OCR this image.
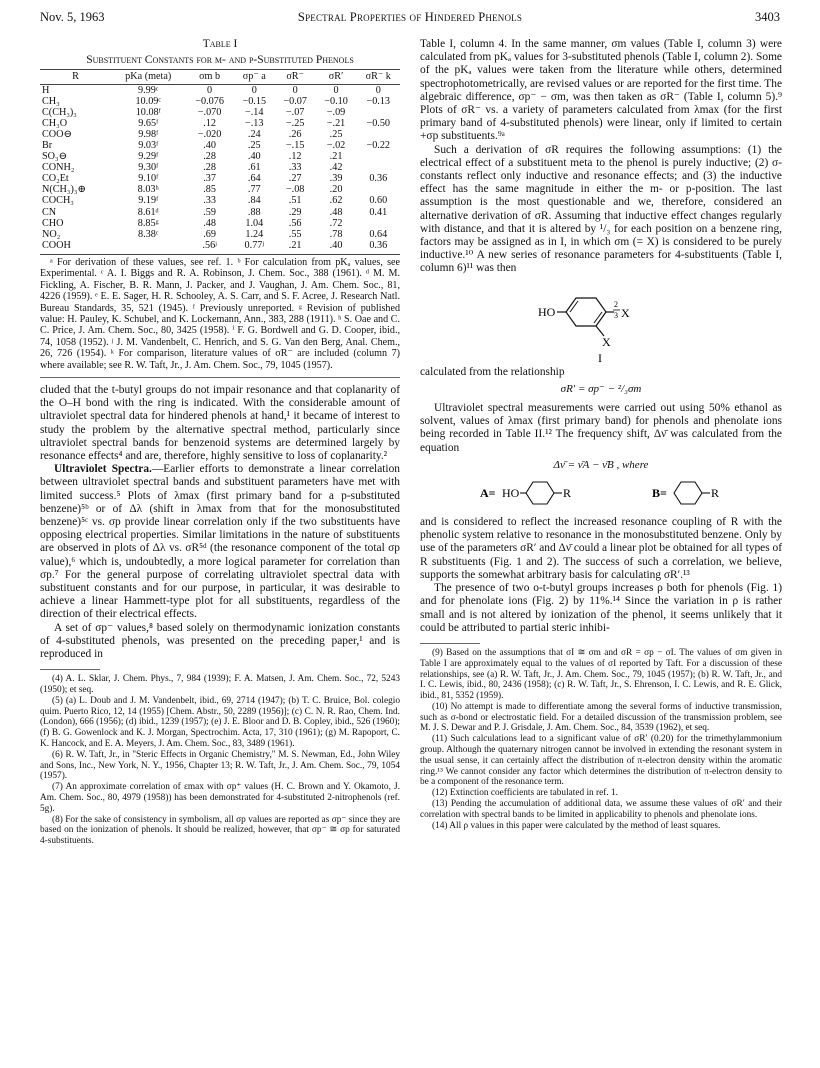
Nov. 5, 1963	Spectral Properties of Hindered Phenols	3403
Table I
Substituent Constants for m- and p-Substituted Phenols

R	pKa (meta)	σm b	σp⁻ a	σR⁻	σR′	σR⁻ k

H	9.99ᶜ	0	0	0	0	0
CH₃	10.09ᶜ	−0.076	−0.15	−0.07	−0.10	−0.13
C(CH₃)₃	10.08ᶠ	−.070	−.14	−.07	−.09	
CH₃O	9.65ᶠ	.12	−.13	−.25	−.21	−0.50
COO⊖	9.98ᶠ	−.020	.24	.26	.25	
Br	9.03ᶠ	.40	.25	−.15	−.02	−0.22
SO₃⊖	9.29ᶠ	.28	.40	.12	.21	
CONH₂	9.30ᶠ	.28	.61	.33	.42	
CO₂Et	9.10ᶠ	.37	.64	.27	.39	0.36
N(CH₃)₃⊕	8.03ʰ	.85	.77	−.08	.20	
COCH₃	9.19ᶠ	.33	.84	.51	.62	0.60
CN	8.61ᵈ	.59	.88	.29	.48	0.41
CHO	8.85ᵍ	.48	1.04	.56	.72	
NO₂	8.38ᶜ	.69	1.24	.55	.78	0.64
COOH		.56ʲ	0.77ʲ	.21	.40	0.36
ᵃ For derivation of these values, see ref. 1. ᵇ For calculation from pKₐ values, see Experimental. ᶜ A. I. Biggs and R. A. Robinson, J. Chem. Soc., 388 (1961). ᵈ M. M. Fickling, A. Fischer, B. R. Mann, J. Packer, and J. Vaughan, J. Am. Chem. Soc., 81, 4226 (1959). ᵉ E. E. Sager, H. R. Schooley, A. S. Carr, and S. F. Acree, J. Research Natl. Bureau Standards, 35, 521 (1945). ᶠ Previously unreported. ᵍ Revision of published value: H. Pauley, K. Schubel, and K. Lockemann, Ann., 383, 288 (1911). ʰ S. Oae and C. C. Price, J. Am. Chem. Soc., 80, 3425 (1958). ⁱ F. G. Bordwell and G. D. Cooper, ibid., 74, 1058 (1952). ʲ J. M. Vandenbelt, C. Henrich, and S. G. Van den Berg, Anal. Chem., 26, 726 (1954). ᵏ For comparison, literature values of σR⁻ are included (column 7) where available; see R. W. Taft, Jr., J. Am. Chem. Soc., 79, 1045 (1957).

cluded that the t-butyl groups do not impair resonance and that coplanarity of the O–H bond with the ring is indicated. With the considerable amount of ultraviolet spectral data for hindered phenols at hand,¹ it became of interest to study the problem by the alternative spectral method, particularly since ultraviolet spectral bands for benzenoid systems are determined largely by resonance effects⁴ and are, therefore, highly sensitive to loss of coplanarity.²

Ultraviolet Spectra.—Earlier efforts to demonstrate a linear correlation between ultraviolet spectral bands and substituent parameters have met with limited success.⁵ Plots of λmax (first primary band for a p-substituted benzene)⁵ᵇ or of Δλ (shift in λmax from that for the monosubstituted benzene)⁵ᶜ vs. σp provide linear correlation only if the two substituents have opposing electrical properties. Similar limitations in the nature of substituents are observed in plots of Δλ vs. σR⁵ᵈ (the resonance component of the total σp value),⁶ which is, undoubtedly, a more logical parameter for correlation than σp.⁷ For the general purpose of correlating ultraviolet spectral data with substituent constants and for our purpose, in particular, it was desirable to achieve a linear Hammett-type plot for all substituents, regardless of the direction of their electrical effects.

A set of σp⁻ values,⁸ based solely on thermodynamic ionization constants of 4-substituted phenols, was presented on the preceding paper,¹ and is reproduced in

(4) A. L. Sklar, J. Chem. Phys., 7, 984 (1939); F. A. Matsen, J. Am. Chem. Soc., 72, 5243 (1950); et seq.

(5) (a) L. Doub and J. M. Vandenbelt, ibid., 69, 2714 (1947); (b) T. C. Bruice, Bol. colegio quim. Puerto Rico, 12, 14 (1955) [Chem. Abstr., 50, 2289 (1956)]; (c) C. N. R. Rao, Chem. Ind. (London), 666 (1956); (d) ibid., 1239 (1957); (e) J. E. Bloor and D. B. Copley, ibid., 526 (1960); (f) B. G. Gowenlock and K. J. Morgan, Spectrochim. Acta, 17, 310 (1961); (g) M. Rapoport, C. K. Hancock, and E. A. Meyers, J. Am. Chem. Soc., 83, 3489 (1961).

(6) R. W. Taft, Jr., in "Steric Effects in Organic Chemistry," M. S. Newman, Ed., John Wiley and Sons, Inc., New York, N. Y., 1956, Chapter 13; R. W. Taft, Jr., J. Am. Chem. Soc., 79, 1054 (1957).

(7) An approximate correlation of εmax with σp⁺ values (H. C. Brown and Y. Okamoto, J. Am. Chem. Soc., 80, 4979 (1958)) has been demonstrated for 4-substituted 2-nitrophenols (ref. 5g).

(8) For the sake of consistency in symbolism, all σp values are reported as σp⁻ since they are based on the ionization of phenols. It should be realized, however, that σp⁻ ≅ σp for saturated 4-substituents.

Table I, column 4. In the same manner, σm values (Table I, column 3) were calculated from pKₐ values for 3-substituted phenols (Table I, column 2). Some of the pKₐ values were taken from the literature while others, determined spectrophotometrically, are revised values or are reported for the first time. The algebraic difference, σp⁻ − σm, was then taken as σR⁻ (Table I, column 5).⁹ Plots of σR⁻ vs. a variety of parameters calculated from λmax (for the first primary band of 4-substituted phenols) were linear, only if limited to certain +σp substituents.⁹ᵃ

Such a derivation of σR requires the following assumptions: (1) the electrical effect of a substituent meta to the phenol is purely inductive; (2) σ-constants reflect only inductive and resonance effects; and (3) the inductive effect has the same magnitude in either the m- or p-position. The last assumption is the most questionable and we, therefore, considered an alternative derivation of σR. Assuming that inductive effect changes regularly with distance, and that it is altered by ¹/₃ for each position on a benzene ring, factors may be assigned as in I, in which σm (= X) is considered to be purely inductive.¹⁰ A new series of resonance parameters for 4-substituents (Table I, column 6)¹¹ was then

HO
2
3 X
X
I

calculated from the relationship

σR′ = σp⁻ − ²/₃σm

Ultraviolet spectral measurements were carried out using 50% ethanol as solvent, values of λmax (first primary band) for phenols and phenolate ions being recorded in Table II.¹² The frequency shift, Δν̄ was calculated from the equation

Δν̄ = ν̄A − ν̄B , where
A= HO	R	B=	R

and is considered to reflect the increased resonance coupling of R with the phenolic system relative to resonance in the monosubstituted benzene. Only by use of the parameters σR′ and Δν̄ could a linear plot be obtained for all types of R substituents (Fig. 1 and 2). The success of such a correlation, we believe, supports the somewhat arbitrary basis for calculating σR′.¹³

The presence of two o-t-butyl groups increases ρ both for phenols (Fig. 1) and for phenolate ions (Fig. 2) by 11%.¹⁴ Since the variation in ρ is rather small and is not altered by ionization of the phenol, it seems unlikely that it could be attributed to partial steric inhibi-

(9) Based on the assumptions that σI ≅ σm and σR = σp − σI. The values of σm given in Table I are approximately equal to the values of σI reported by Taft. For a discussion of these relationships, see (a) R. W. Taft, Jr., J. Am. Chem. Soc., 79, 1045 (1957); (b) R. W. Taft, Jr., and I. C. Lewis, ibid., 80, 2436 (1958); (c) R. W. Taft, Jr., S. Ehrenson, I. C. Lewis, and R. E. Glick, ibid., 81, 5352 (1959).

(10) No attempt is made to differentiate among the several forms of inductive transmission, such as σ-bond or electrostatic field. For a detailed discussion of the transmission problem, see M. J. S. Dewar and P. J. Grisdale, J. Am. Chem. Soc., 84, 3539 (1962), et seq.

(11) Such calculations lead to a significant value of σR′ (0.20) for the trimethylammonium group. Although the quaternary nitrogen cannot be involved in extending the resonant system in the usual sense, it can certainly affect the distribution of π-electron density within the aromatic ring.¹³ We cannot consider any factor which determines the distribution of π-electron density to be a component of the resonance term.

(12) Extinction coefficients are tabulated in ref. 1.

(13) Pending the accumulation of additional data, we assume these values of σR′ and their correlation with spectral bands to be limited in applicability to phenols and phenolate ions.

(14) All ρ values in this paper were calculated by the method of least squares.
